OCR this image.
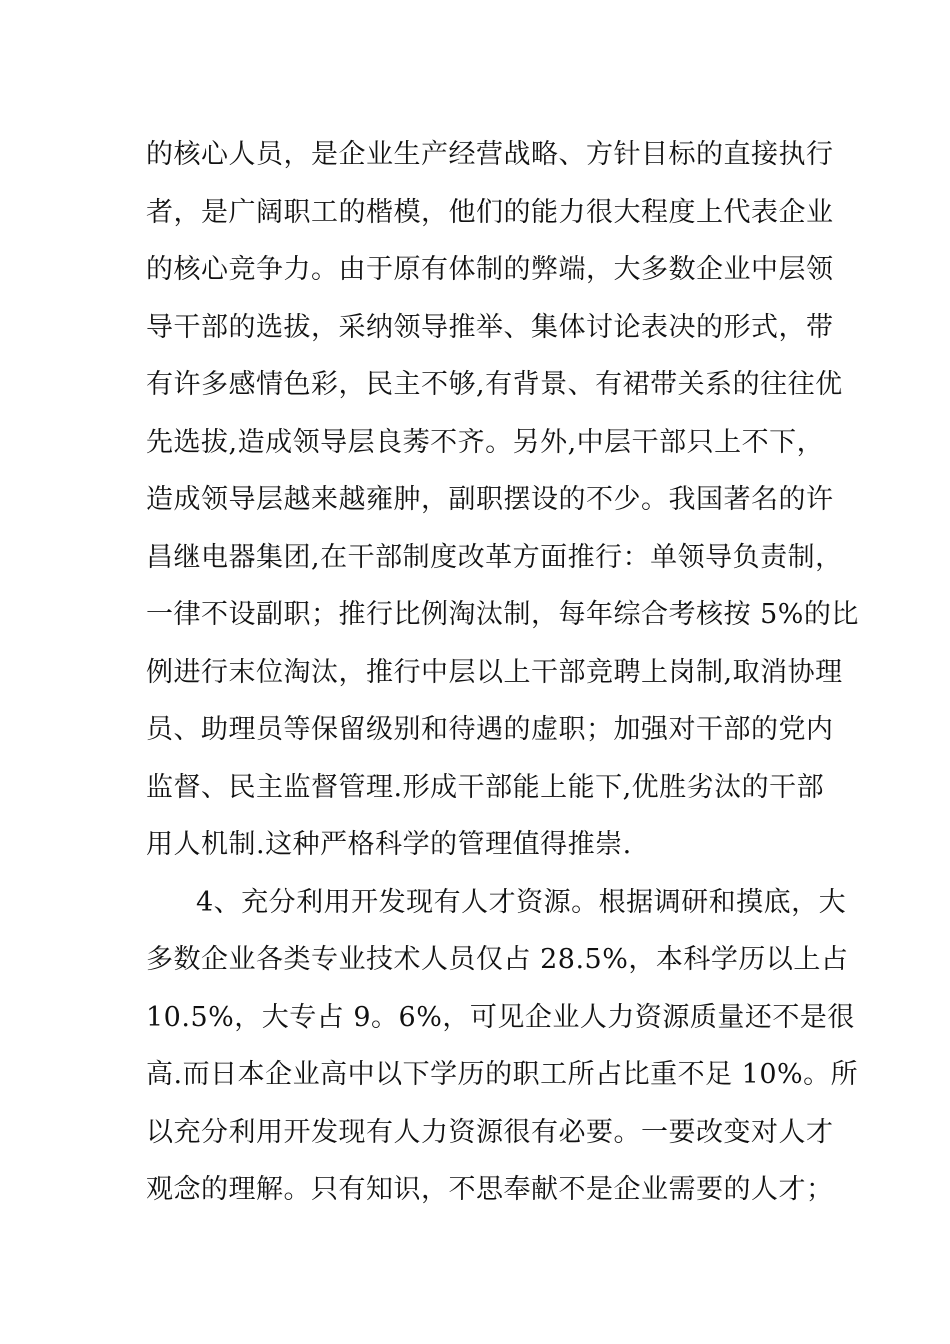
的核心人员，是企业生产经营战略、方针目标的直接执行
者，是广阔职工的楷模，他们的能力很大程度上代表企业
的核心竞争力。由于原有体制的弊端，大多数企业中层领
导干部的选拔，采纳领导推举、集体讨论表决的形式，带
有许多感情色彩，民主不够,有背景、有裙带关系的往往优
先选拔,造成领导层良莠不齐。另外,中层干部只上不下，
造成领导层越来越雍肿，副职摆设的不少。我国著名的许
昌继电器集团,在干部制度改革方面推行：单领导负责制，
一律不设副职；推行比例淘汰制，每年综合考核按 5%的比
例进行末位淘汰，推行中层以上干部竞聘上岗制,取消协理
员、助理员等保留级别和待遇的虚职；加强对干部的党内
监督、民主监督管理.形成干部能上能下,优胜劣汰的干部
用人机制.这种严格科学的管理值得推崇.
4、充分利用开发现有人才资源。根据调研和摸底，大
多数企业各类专业技术人员仅占 28.5%，本科学历以上占
10.5%，大专占 9。6%，可见企业人力资源质量还不是很
高.而日本企业高中以下学历的职工所占比重不足 10%。所
以充分利用开发现有人力资源很有必要。一要改变对人才
观念的理解。只有知识，不思奉献不是企业需要的人才；
